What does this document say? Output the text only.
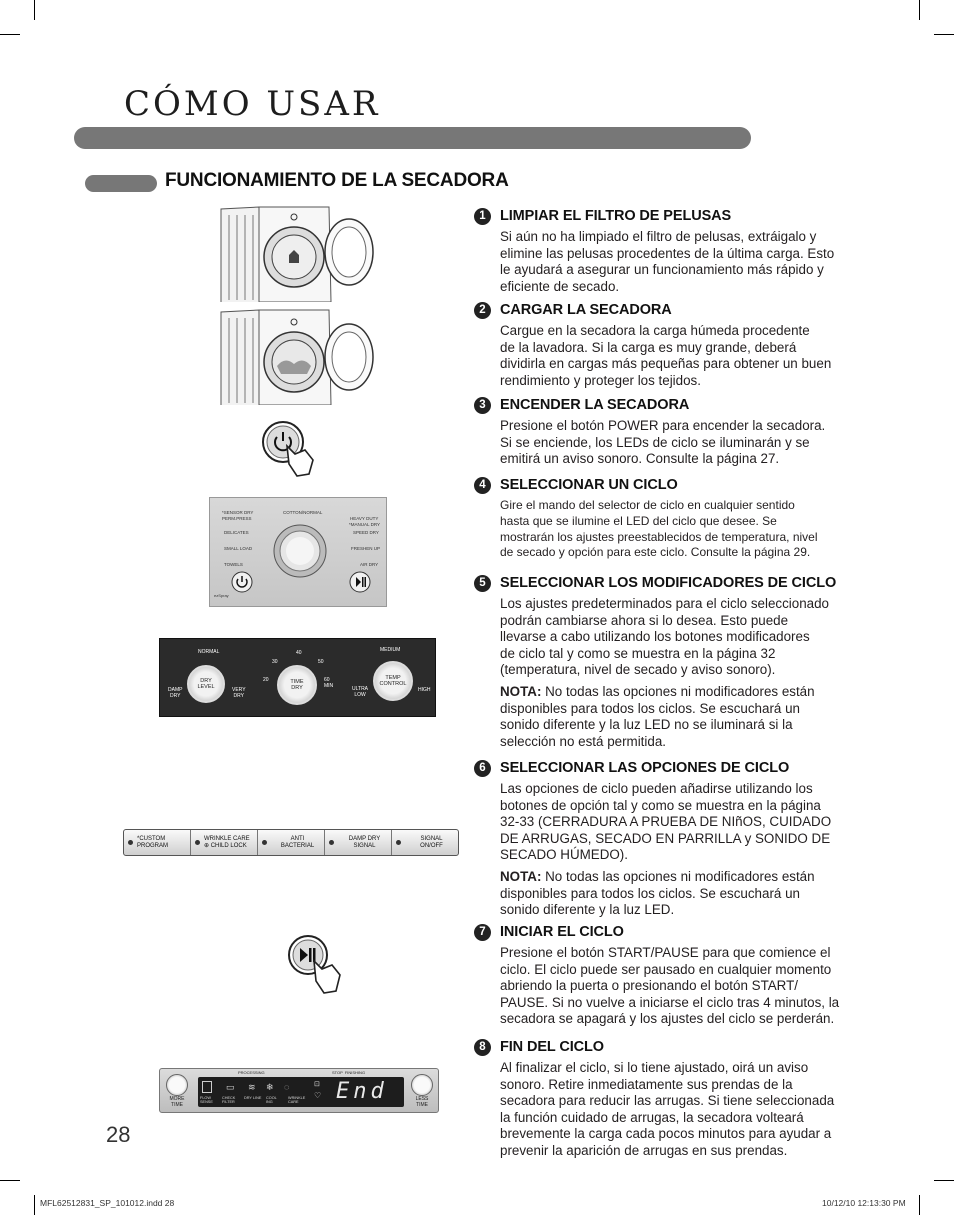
CÓMO USAR
FUNCIONAMIENTO DE LA SECADORA
*SENSOR DRY
PERM.PRESS
DELICATES
SMALL LOAD
TOWELS
COTTON/NORMAL
HEAVY DUTY
*MANUAL DRY
SPEED DRY
FRESHEN UP
AIR DRY
ezSpray
NORMAL
DAMP
DRY
VERY
DRY
DRY
LEVEL
30
40
50
20	60
MIN
TIME
DRY
MEDIUM
ULTRA
LOW
HIGH
TEMP
CONTROL
*CUSTOM
PROGRAM
WRINKLE CARE
⊕ CHILD LOCK
ANTI
BACTERIAL
DAMP DRY
SIGNAL
SIGNAL
ON/OFF
MORE
TIME
PROCESSING	STOP FINISHING
▭ ≋ ❄ ◌
FLOW SENSE
CHECK FILTER
DRY LINE COOL ING
WRINKLE CARE
⊡
♡ End	LESS
TIME
1 LIMPIAR EL FILTRO DE PELUSAS
Si aún no ha limpiado el filtro de pelusas, extráigalo y
elimine las pelusas procedentes de la última carga. Esto
le ayudará a asegurar un funcionamiento más rápido y
eficiente de secado.
2 CARGAR LA SECADORA
Cargue en la secadora la carga húmeda procedente
de la lavadora. Si la carga es muy grande, deberá
dividirla en cargas más pequeñas para obtener un buen
rendimiento y proteger los tejidos.
3 ENCENDER LA SECADORA
Presione el botón POWER para encender la secadora.
Si se enciende, los LEDs de ciclo se iluminarán y se
emitirá un aviso sonoro. Consulte la página 27.
4 SELECCIONAR UN CICLO
Gire el mando del selector de ciclo en cualquier sentido
hasta que se ilumine el LED del ciclo que desee. Se
mostrarán los ajustes preestablecidos de temperatura, nivel
de secado y opción para este ciclo. Consulte la página 29.
5 SELECCIONAR LOS MODIFICADORES DE CICLO
Los ajustes predeterminados para el ciclo seleccionado
podrán cambiarse ahora si lo desea. Esto puede
llevarse a cabo utilizando los botones modificadores
de ciclo tal y como se muestra en la página 32
(temperatura, nivel de secado y aviso sonoro).
NOTA: No todas las opciones ni modificadores están
disponibles para todos los ciclos. Se escuchará un
sonido diferente y la luz LED no se iluminará si la
selección no está permitida.
6 SELECCIONAR LAS OPCIONES DE CICLO
Las opciones de ciclo pueden añadirse utilizando los
botones de opción tal y como se muestra en la página
32-33 (CERRADURA A PRUEBA DE NIñOS, CUIDADO
DE ARRUGAS, SECADO EN PARRILLA y SONIDO DE
SECADO HÚMEDO).
NOTA: No todas las opciones ni modificadores están
disponibles para todos los ciclos. Se escuchará un
sonido diferente y la luz LED.
7 INICIAR EL CICLO
Presione el botón START/PAUSE para que comience el
ciclo. El ciclo puede ser pausado en cualquier momento
abriendo la puerta o presionando el botón START/
PAUSE. Si no vuelve a iniciarse el ciclo tras 4 minutos, la
secadora se apagará y los ajustes del ciclo se perderán.
8 FIN DEL CICLO
Al finalizar el ciclo, si lo tiene ajustado, oirá un aviso
sonoro. Retire inmediatamente sus prendas de la
secadora para reducir las arrugas. Si tiene seleccionada
la función cuidado de arrugas, la secadora volteará
brevemente la carga cada pocos minutos para ayudar a
prevenir la aparición de arrugas en sus prendas.
28
MFL62512831_SP_101012.indd 28	10/12/10 12:13:30 PM
